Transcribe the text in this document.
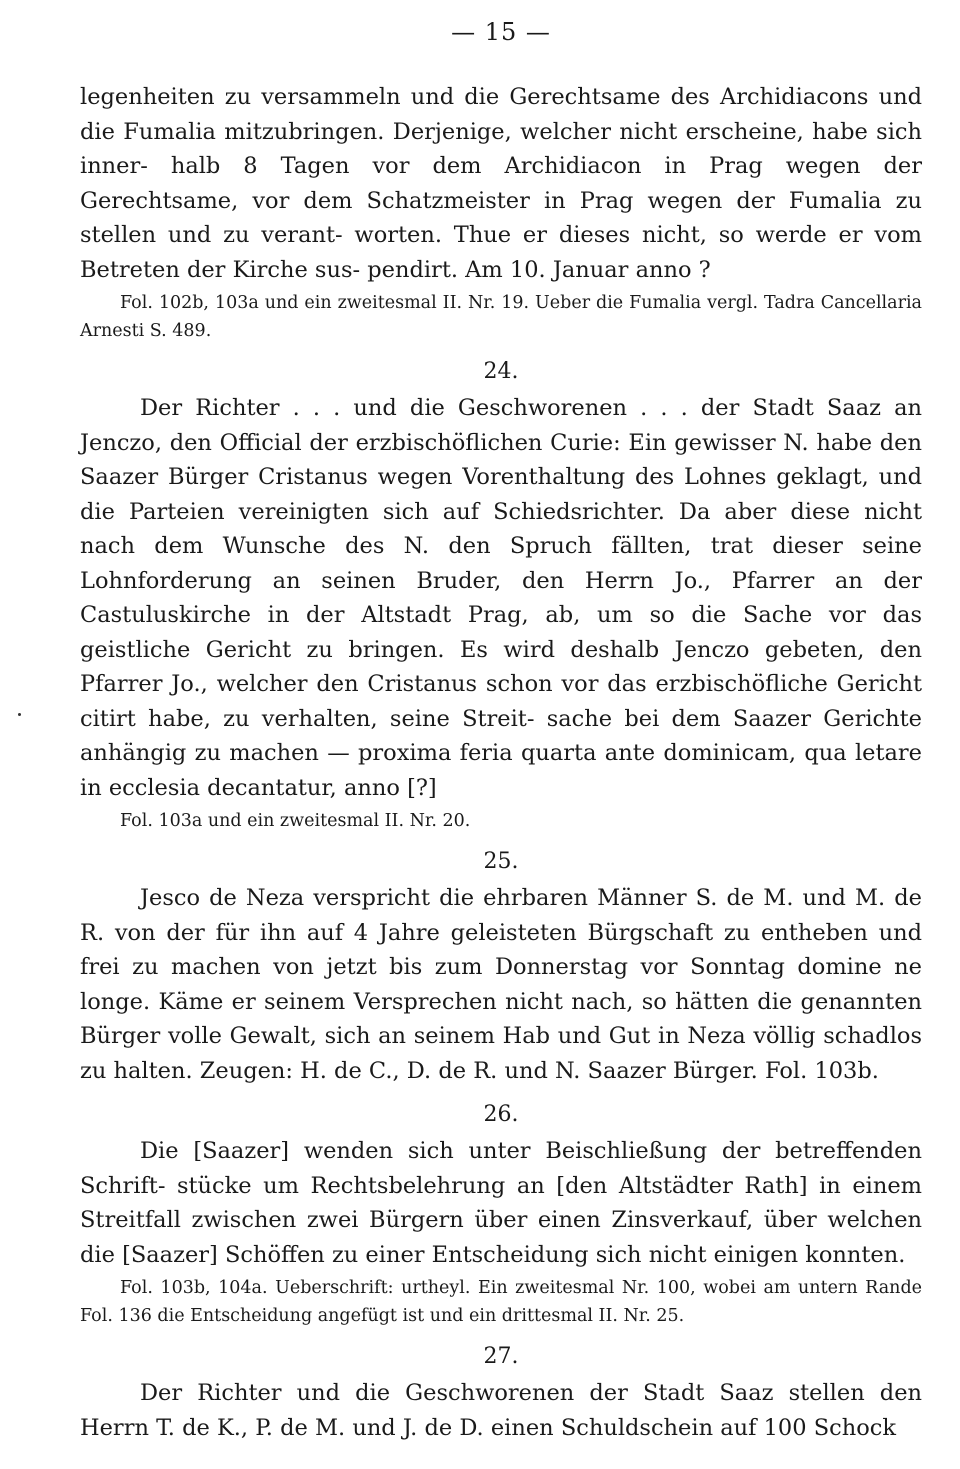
— 15 —

legenheiten zu versammeln und die Gerechtsame des Archidiacons und die Fumalia mitzubringen. Derjenige, welcher nicht erscheine, habe sich inner- halb 8 Tagen vor dem Archidiacon in Prag wegen der Gerechtsame, vor dem Schatzmeister in Prag wegen der Fumalia zu stellen und zu verant- worten. Thue er dieses nicht, so werde er vom Betreten der Kirche sus- pendirt. Am 10. Januar anno ?

Fol. 102b, 103a und ein zweitesmal II. Nr. 19. Ueber die Fumalia vergl. Tadra Cancellaria Arnesti S. 489.

24.

Der Richter . . . und die Geschworenen . . . der Stadt Saaz an Jenczo, den Official der erzbischöflichen Curie: Ein gewisser N. habe den Saazer Bürger Cristanus wegen Vorenthaltung des Lohnes geklagt, und die Parteien vereinigten sich auf Schiedsrichter. Da aber diese nicht nach dem Wunsche des N. den Spruch fällten, trat dieser seine Lohnforderung an seinen Bruder, den Herrn Jo., Pfarrer an der Castuluskirche in der Altstadt Prag, ab, um so die Sache vor das geistliche Gericht zu bringen. Es wird deshalb Jenczo gebeten, den Pfarrer Jo., welcher den Cristanus schon vor das erzbischöfliche Gericht citirt habe, zu verhalten, seine Streit- sache bei dem Saazer Gerichte anhängig zu machen — proxima feria quarta ante dominicam, qua letare in ecclesia decantatur, anno [?]

Fol. 103a und ein zweitesmal II. Nr. 20.

25.

Jesco de Neza verspricht die ehrbaren Männer S. de M. und M. de R. von der für ihn auf 4 Jahre geleisteten Bürgschaft zu entheben und frei zu machen von jetzt bis zum Donnerstag vor Sonntag domine ne longe. Käme er seinem Versprechen nicht nach, so hätten die genannten Bürger volle Gewalt, sich an seinem Hab und Gut in Neza völlig schadlos zu halten. Zeugen: H. de C., D. de R. und N. Saazer Bürger. Fol. 103b.

26.

Die [Saazer] wenden sich unter Beischließung der betreffenden Schrift- stücke um Rechtsbelehrung an [den Altstädter Rath] in einem Streitfall zwischen zwei Bürgern über einen Zinsverkauf, über welchen die [Saazer] Schöffen zu einer Entscheidung sich nicht einigen konnten.

Fol. 103b, 104a. Ueberschrift: urtheyl. Ein zweitesmal Nr. 100, wobei am untern Rande Fol. 136 die Entscheidung angefügt ist und ein drittesmal II. Nr. 25.

27.

Der Richter und die Geschworenen der Stadt Saaz stellen den Herrn T. de K., P. de M. und J. de D. einen Schuldschein auf 100 Schock
